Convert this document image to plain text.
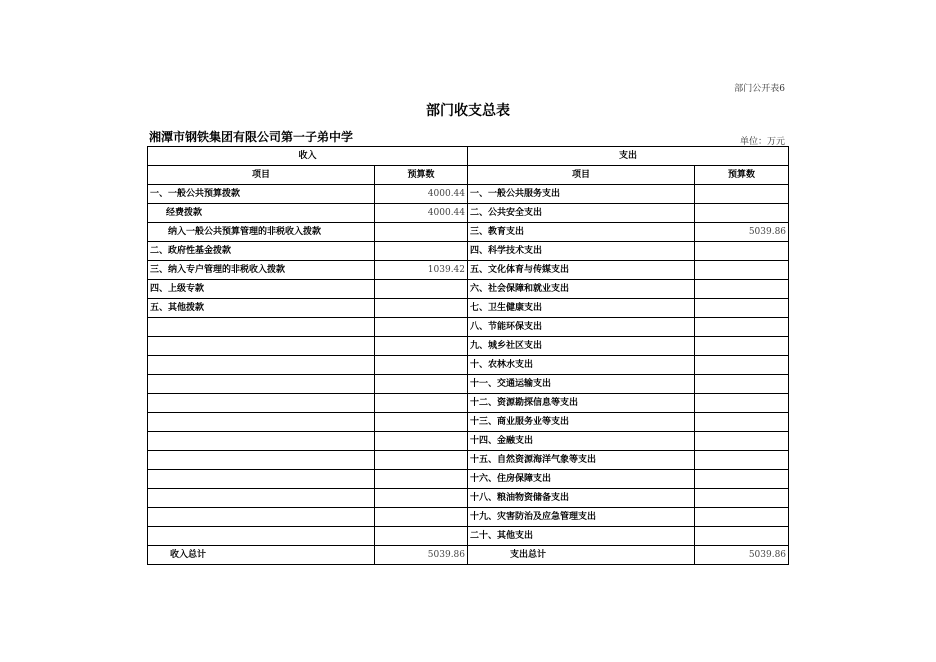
部门公开表6
部门收支总表
湘潭市钢铁集团有限公司第一子弟中学	单位：万元
收入		支出	
项目	预算数	项目	预算数
一、一般公共预算拨款	4000.44	一、一般公共服务支出	
经费拨款	4000.44	二、公共安全支出	
纳入一般公共预算管理的非税收入拨款		三、教育支出	5039.86
二、政府性基金拨款		四、科学技术支出	
三、纳入专户管理的非税收入拨款	1039.42	五、文化体育与传媒支出	
四、上级专款		六、社会保障和就业支出	
五、其他拨款		七、卫生健康支出	
		八、节能环保支出	
		九、城乡社区支出	
		十、农林水支出	
		十一、交通运输支出	
		十二、资源勘探信息等支出	
		十三、商业服务业等支出	
		十四、金融支出	
		十五、自然资源海洋气象等支出	
		十六、住房保障支出	
		十八、粮油物资储备支出	
		十九、灾害防治及应急管理支出	
		二十、其他支出	
收入总计	5039.86	支出总计	5039.86
